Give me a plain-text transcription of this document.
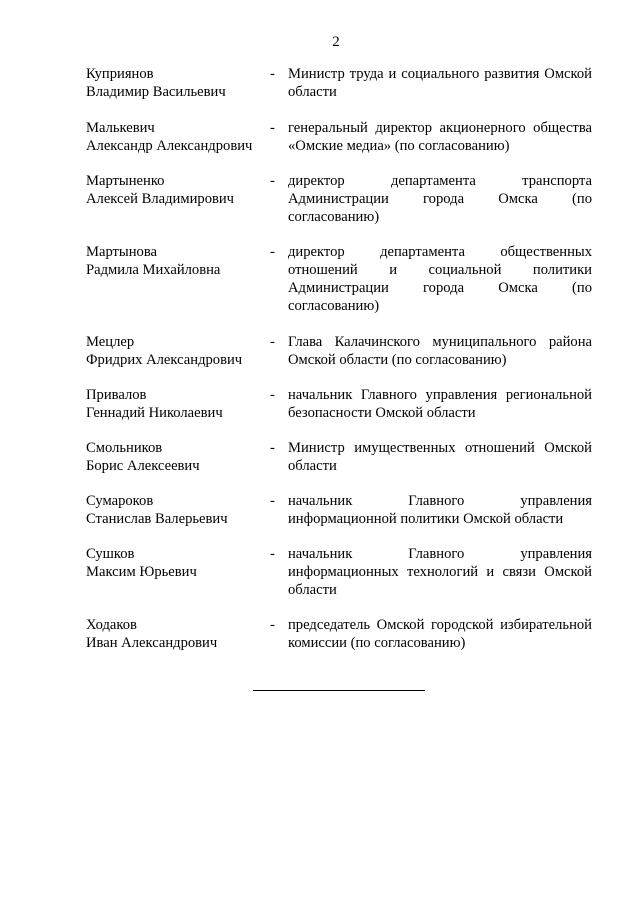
2
Куприянов
Владимир Васильевич
- Министр труда и социального развития Омской области
Малькевич
Александр Александрович
- генеральный директор акционерного общества «Омские медиа» (по согласованию)
Мартыненко
Алексей Владимирович
- директор департамента транспорта Администрации города Омска (по согласованию)
Мартынова
Радмила Михайловна
- директор департамента общественных отношений и социальной политики Администрации города Омска (по согласованию)
Мецлер
Фридрих Александрович
- Глава Калачинского муниципального района Омской области (по согласованию)
Привалов
Геннадий Николаевич
- начальник Главного управления региональной безопасности Омской области
Смольников
Борис Алексеевич
- Министр имущественных отношений Омской области
Сумароков
Станислав Валерьевич
- начальник Главного управления информационной политики Омской области
Сушков
Максим Юрьевич
- начальник Главного управления информационных технологий и связи Омской области
Ходаков
Иван Александрович
- председатель Омской городской избирательной комиссии (по согласованию)
